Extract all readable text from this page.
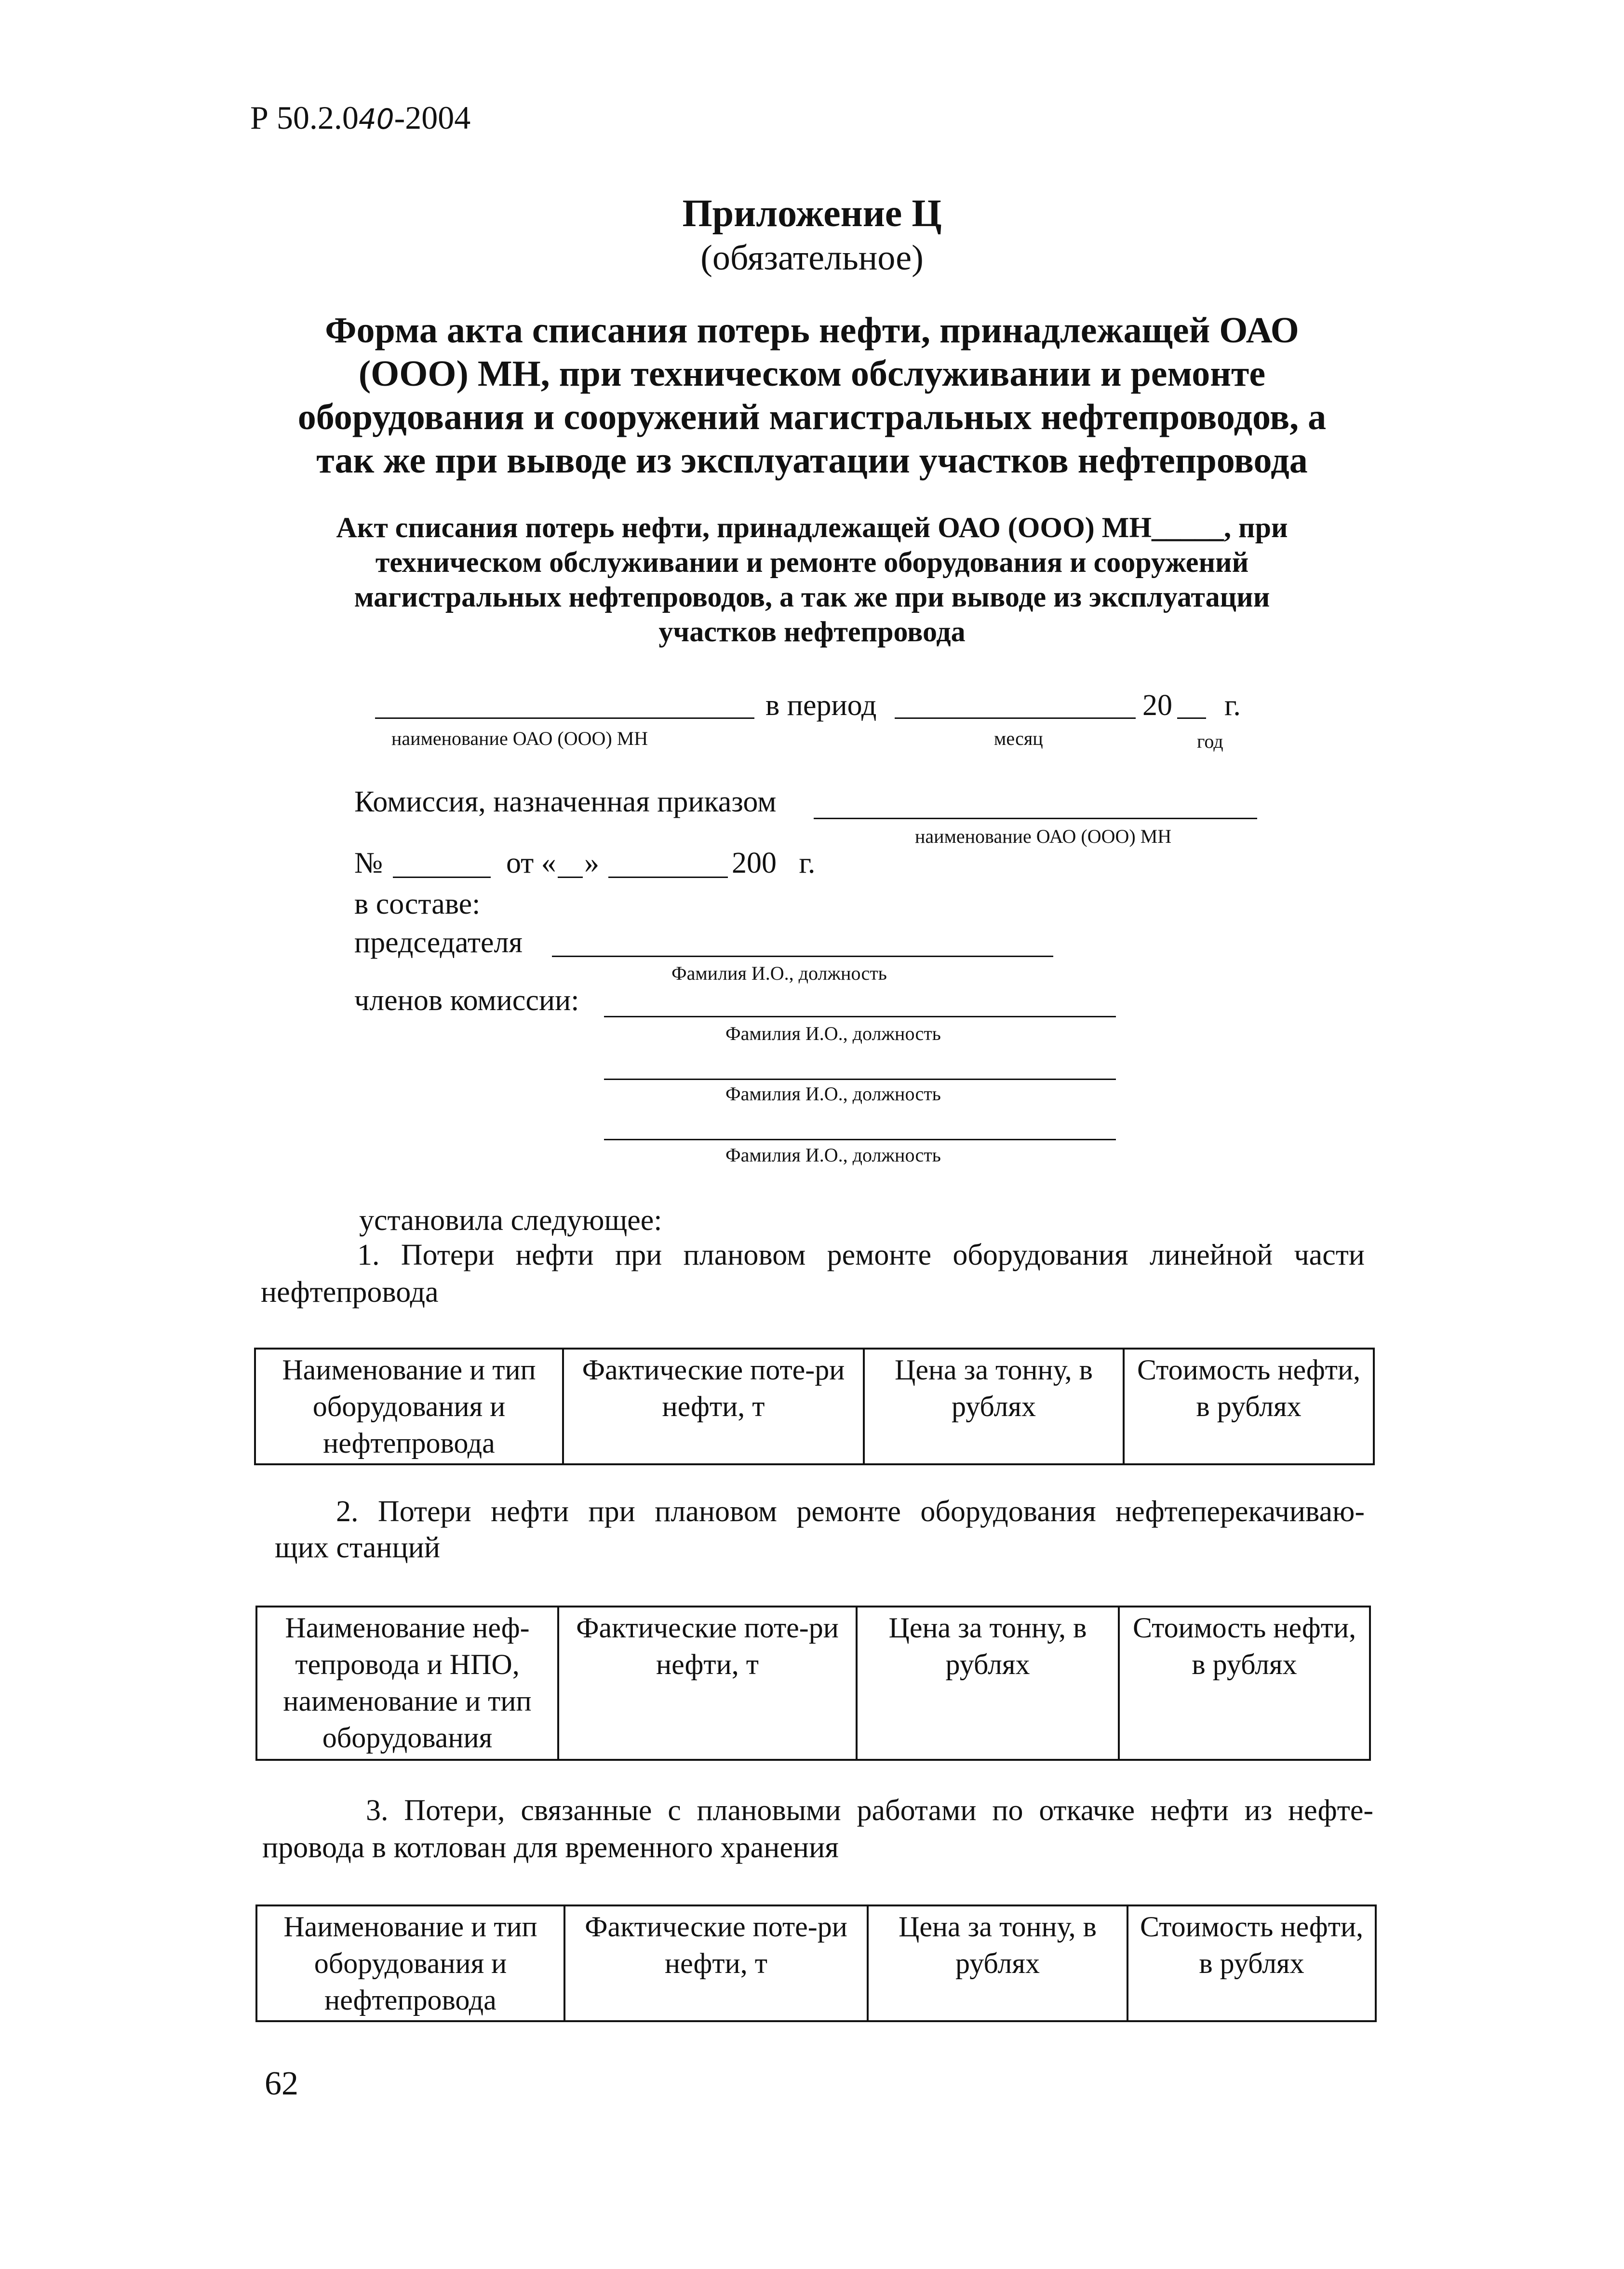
Р 50.2.040-2004
Приложение Ц
(обязательное)
Форма акта списания потерь нефти, принадлежащей ОАО
(ООО) МН, при техническом обслуживании и ремонте
оборудования и сооружений магистральных нефтепроводов, а
так же при выводе из эксплуатации участков нефтепровода
Акт списания потерь нефти, принадлежащей ОАО (ООО) МН_____, при
техническом обслуживании и ремонте оборудования и сооружений
магистральных нефтепроводов, а так же при выводе из эксплуатации
участков нефтепровода
в период	20 г.
наименование ОАО (ООО) МН	месяц	год
Комиссия, назначенная приказом
наименование ОАО (ООО) МН
№	от « »	200   г.
в составе:
председателя
Фамилия И.О., должность
членов комиссии:
Фамилия И.О., должность
Фамилия И.О., должность
Фамилия И.О., должность
установила следующее:
1. Потери нефти при плановом ремонте оборудования линейной части
нефтепровода
Наименование и тип оборудования и нефтепровода	Фактические поте-ри нефти, т	Цена за тонну, в рублях	Стоимость нефти, в рублях
2. Потери нефти при плановом ремонте оборудования нефтеперекачиваю-
щих станций
Наименование неф-тепровода и НПО, наименование и тип оборудования	Фактические поте-ри нефти, т	Цена за тонну, в рублях	Стоимость нефти, в рублях
3. Потери, связанные с плановыми работами по откачке нефти из нефте-
провода в котлован для временного хранения
Наименование и тип оборудования и нефтепровода	Фактические поте-ри нефти, т	Цена за тонну, в рублях	Стоимость нефти, в рублях
62
